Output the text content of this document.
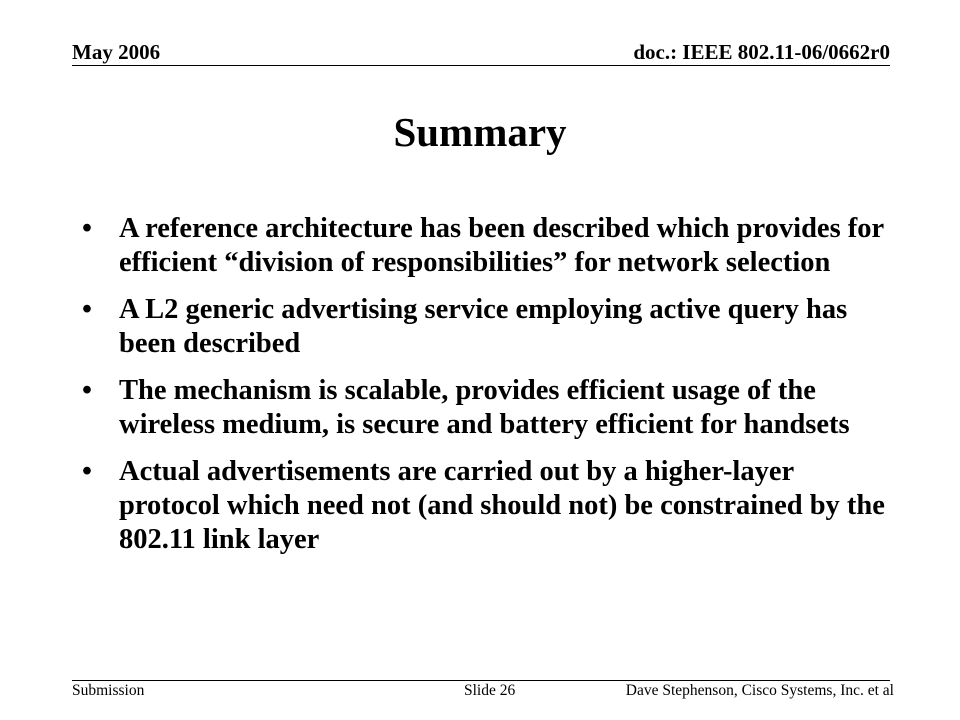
May 2006	doc.: IEEE 802.11-06/0662r0
Summary
• A reference architecture has been described which provides for efficient “division of responsibilities” for network selection
• A L2 generic advertising service employing active query has been described
• The mechanism is scalable, provides efficient usage of the wireless medium, is secure and battery efficient for handsets
• Actual advertisements are carried out by a higher-layer protocol which need not (and should not) be constrained by the 802.11 link layer
Submission	Slide 26	Dave Stephenson, Cisco Systems, Inc. et al
